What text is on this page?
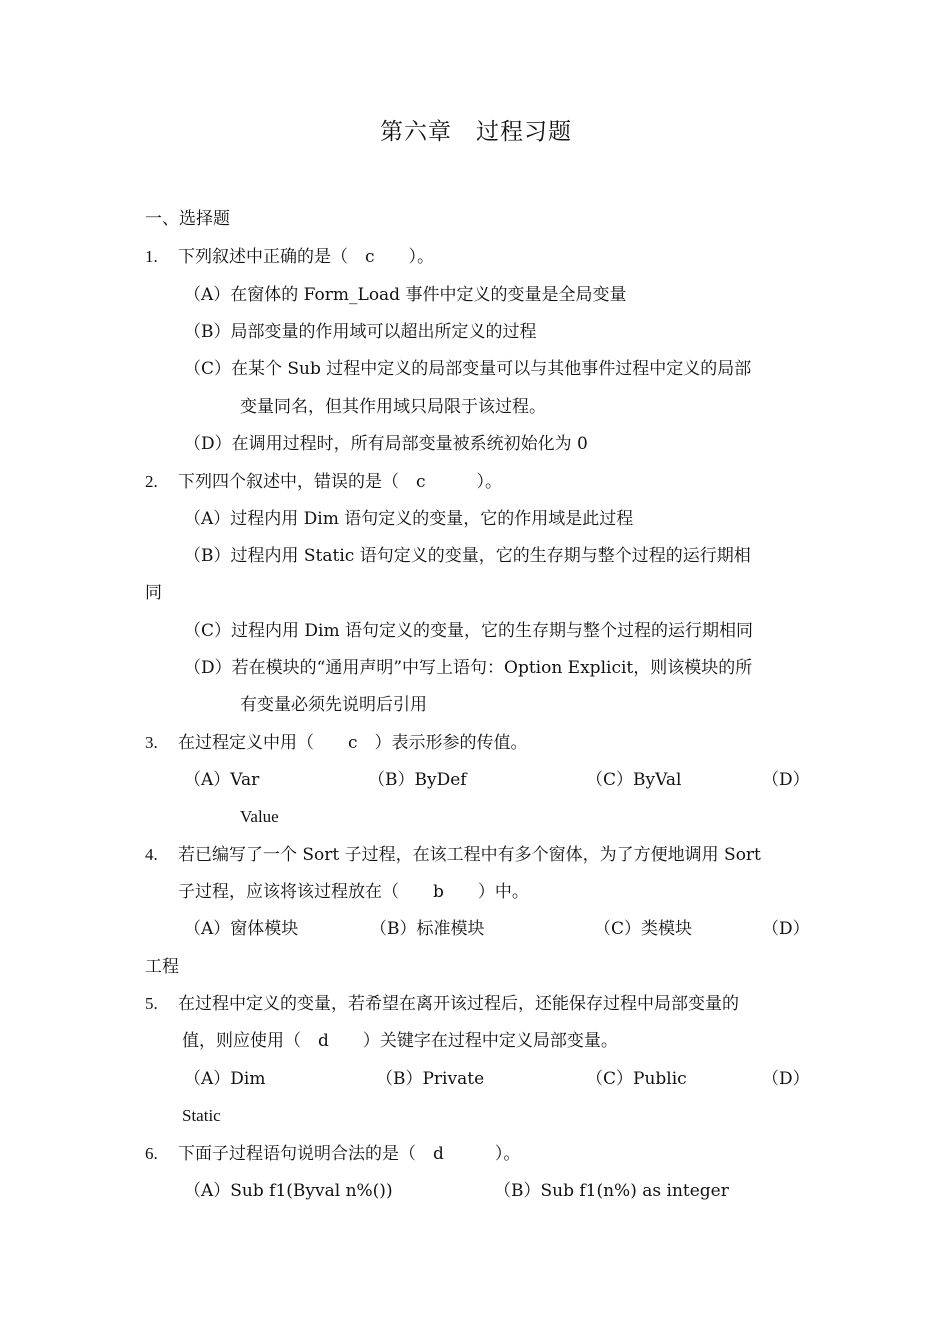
第六章　过程习题
一、选择题
1. 下列叙述中正确的是（　c　　）。
（A）在窗体的 Form_Load 事件中定义的变量是全局变量
（B）局部变量的作用域可以超出所定义的过程
（C）在某个 Sub 过程中定义的局部变量可以与其他事件过程中定义的局部
变量同名，但其作用域只局限于该过程。
（D）在调用过程时，所有局部变量被系统初始化为 0
2. 下列四个叙述中，错误的是（　c　　　）。
（A）过程内用 Dim 语句定义的变量，它的作用域是此过程
（B）过程内用 Static 语句定义的变量，它的生存期与整个过程的运行期相
同
（C）过程内用 Dim 语句定义的变量，它的生存期与整个过程的运行期相同
（D）若在模块的“通用声明”中写上语句：Option Explicit，则该模块的所
有变量必须先说明后引用
3. 在过程定义中用（　　c　）表示形参的传值。
（A）Var	（B）ByDef	（C）ByVal	（D）
Value
4. 若已编写了一个 Sort 子过程，在该工程中有多个窗体，为了方便地调用 Sort
子过程，应该将该过程放在（　　b　　）中。
（A）窗体模块	（B）标准模块	（C）类模块	（D）
工程
5. 在过程中定义的变量，若希望在离开该过程后，还能保存过程中局部变量的
值，则应使用（　d　　）关键字在过程中定义局部变量。
（A）Dim	（B）Private	（C）Public	（D）
Static
6. 下面子过程语句说明合法的是（　d　　　）。
（A）Sub f1(Byval n%())	（B）Sub f1(n%) as integer
